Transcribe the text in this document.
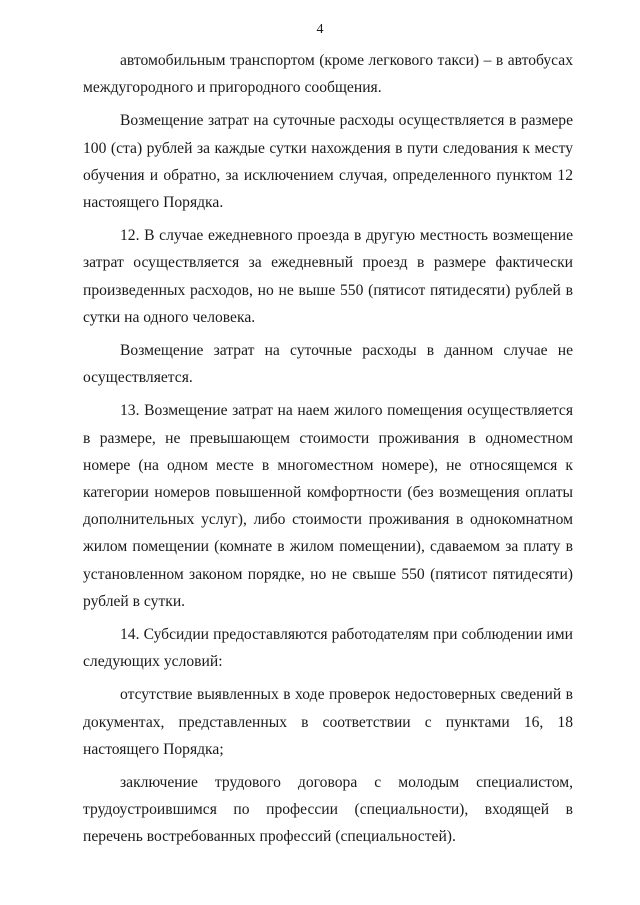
4

автомобильным транспортом (кроме легкового такси) – в автобусах междугородного и пригородного сообщения.

Возмещение затрат на суточные расходы осуществляется в размере 100 (ста) рублей за каждые сутки нахождения в пути следования к месту обучения и обратно, за исключением случая, определенного пунктом 12 настоящего Порядка.

12. В случае ежедневного проезда в другую местность возмещение затрат осуществляется за ежедневный проезд в размере фактически произведенных расходов, но не выше 550 (пятисот пятидесяти) рублей в сутки на одного человека.

Возмещение затрат на суточные расходы в данном случае не осуществляется.

13. Возмещение затрат на наем жилого помещения осуществляется в размере, не превышающем стоимости проживания в одноместном номере (на одном месте в многоместном номере), не относящемся к категории номеров повышенной комфортности (без возмещения оплаты дополнительных услуг), либо стоимости проживания в однокомнатном жилом помещении (комнате в жилом помещении), сдаваемом за плату в установленном законом порядке, но не свыше 550 (пятисот пятидесяти) рублей в сутки.

14. Субсидии предоставляются работодателям при соблюдении ими следующих условий:

отсутствие выявленных в ходе проверок недостоверных сведений в документах, представленных в соответствии с пунктами 16, 18 настоящего Порядка;

заключение трудового договора с молодым специалистом, трудоустроившимся по профессии (специальности), входящей в перечень востребованных профессий (специальностей).
